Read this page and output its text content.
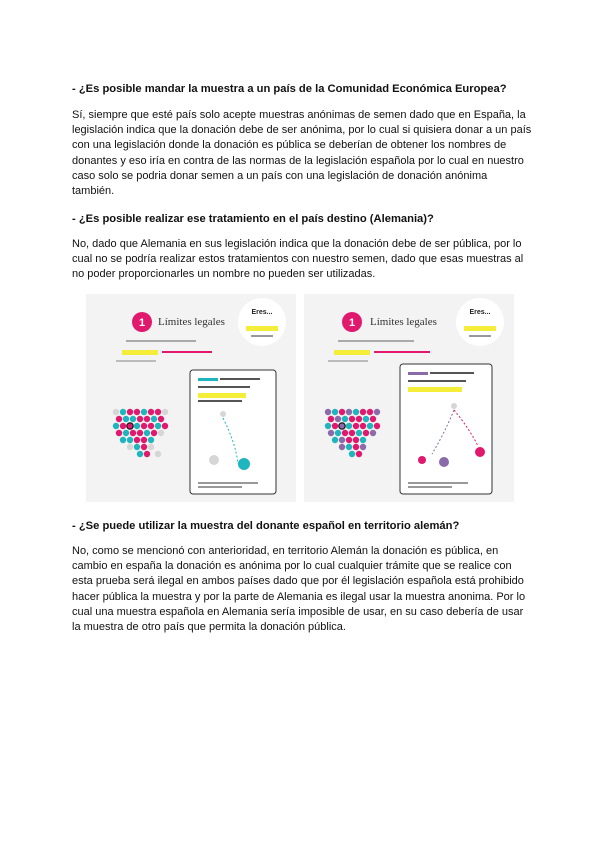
- ¿Es posible mandar la muestra a un país de la Comunidad Económica Europea?
Sí, siempre que esté país solo acepte muestras anónimas de semen dado que en España, la legislación indica que la donación debe de ser anónima, por lo cual si quisiera donar a un país con una legislación donde la donación es pública se deberían de obtener los nombres de donantes y eso iría en contra de las normas de la legislación española por lo cual en nuestro caso solo se podria donar semen a un país con una legislación de donación anónima también.
- ¿Es posible realizar ese tratamiento en el país destino (Alemania)?
No, dado que Alemania en sus legislación indica que la donación debe de ser pública, por lo cual no se podría realizar estos tratamientos con nuestro semen, dado que esas muestras al no poder proporcionarles un nombre no pueden ser utilizadas.
1 Límites legales
Eres...
1 Límites legales
Eres...
- ¿Se puede utilizar la muestra del donante español en territorio alemán?
No, como se mencionó con anterioridad, en territorio Alemán la donación es pública, en cambio en españa la donación es anónima por lo cual cualquier trámite que se realice con esta prueba será ilegal en ambos países dado que por él legislación española está prohibido hacer pública la muestra y por la parte de Alemania es ilegal usar la muestra anonima. Por lo cual una muestra española en Alemania sería imposible de usar, en su caso debería de usar la muestra de otro país que permita la donación pública.
